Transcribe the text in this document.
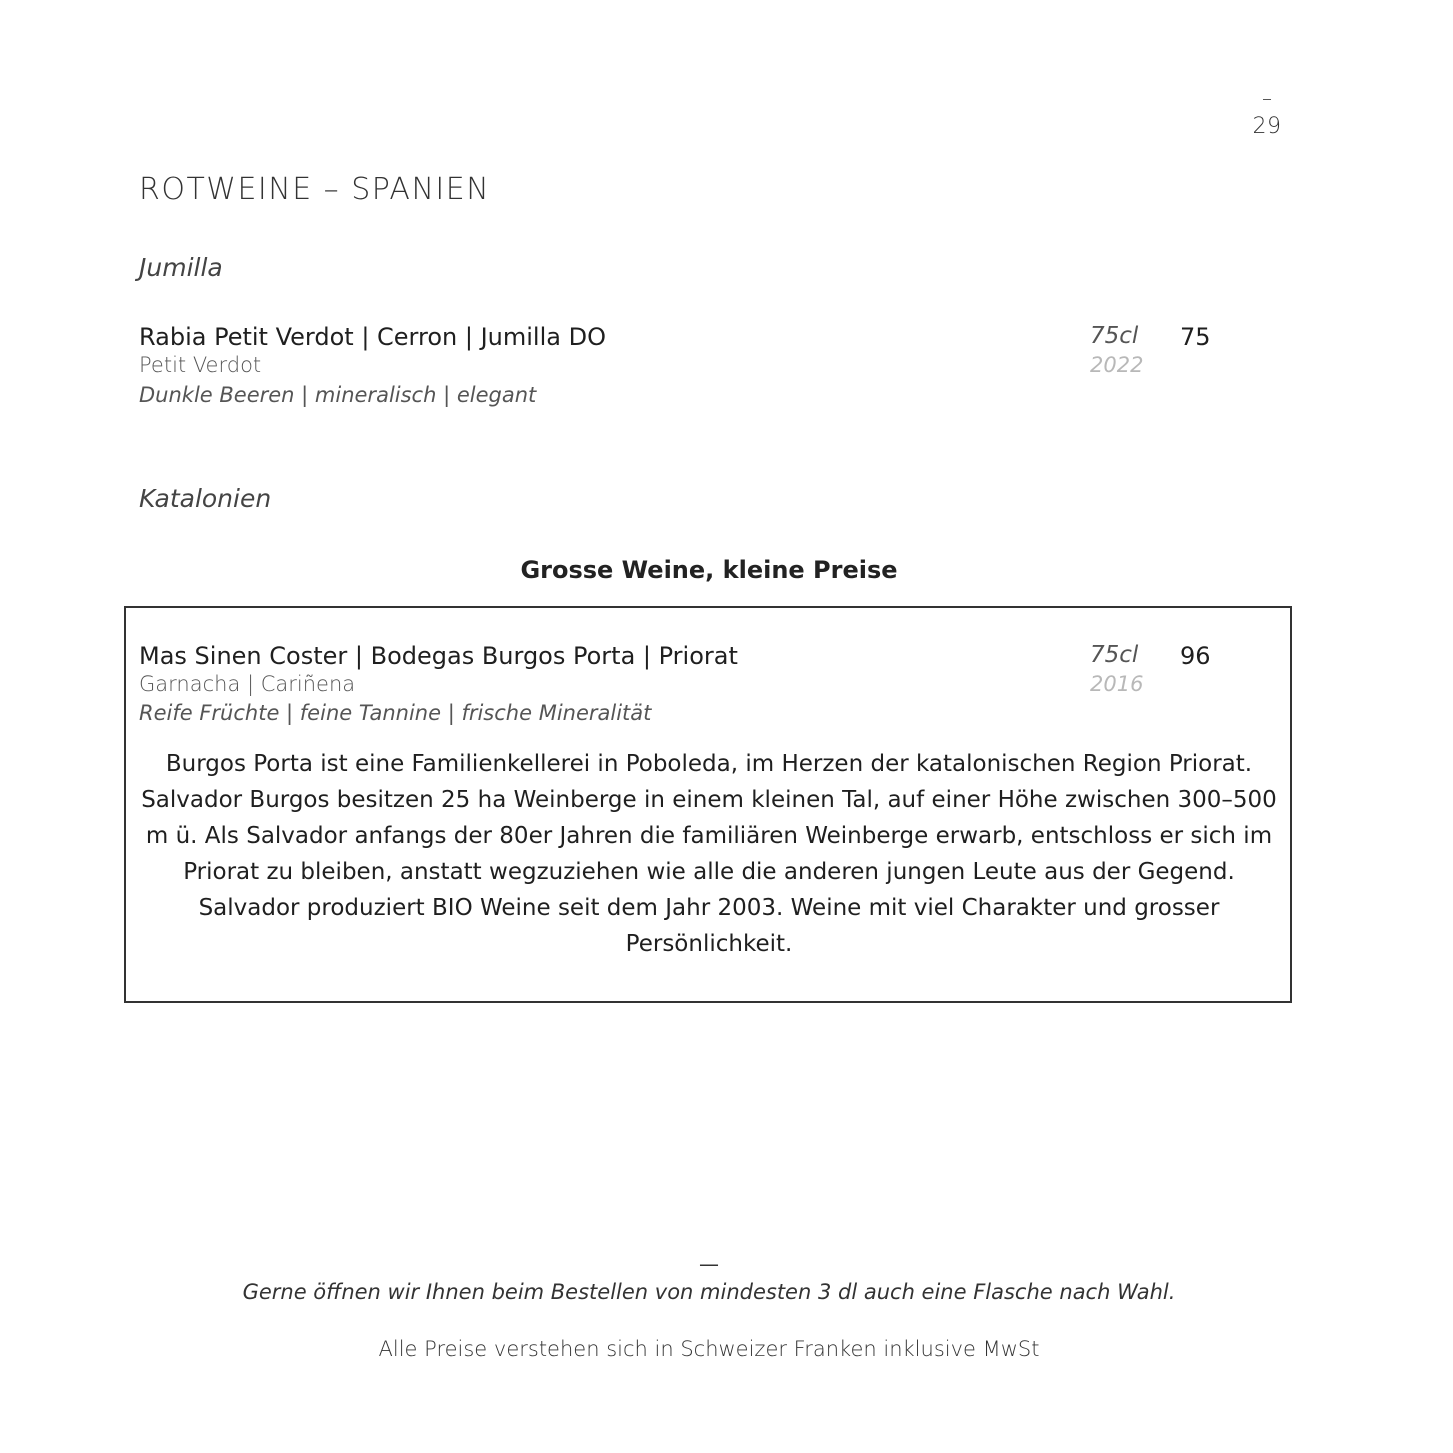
–
29
ROTWEINE – SPANIEN
Jumilla
Rabia Petit Verdot | Cerron | Jumilla DO
Petit Verdot
Dunkle Beeren | mineralisch | elegant
75cl
2022
75
Katalonien
Grosse Weine, kleine Preise
Mas Sinen Coster | Bodegas Burgos Porta | Priorat
Garnacha | Cariñena
Reife Früchte | feine Tannine | frische Mineralität
75cl
2016
96
Burgos Porta ist eine Familienkellerei in Poboleda, im Herzen der katalonischen Region Priorat. Salvador Burgos besitzen 25 ha Weinberge in einem kleinen Tal, auf einer Höhe zwischen 300–500 m ü. Als Salvador anfangs der 80er Jahren die familiären Weinberge erwarb, entschloss er sich im Priorat zu bleiben, anstatt wegzuziehen wie alle die anderen jungen Leute aus der Gegend. Salvador produziert BIO Weine seit dem Jahr 2003. Weine mit viel Charakter und grosser Persönlichkeit.
—
Gerne öffnen wir Ihnen beim Bestellen von mindesten 3 dl auch eine Flasche nach Wahl.
Alle Preise verstehen sich in Schweizer Franken inklusive MwSt
